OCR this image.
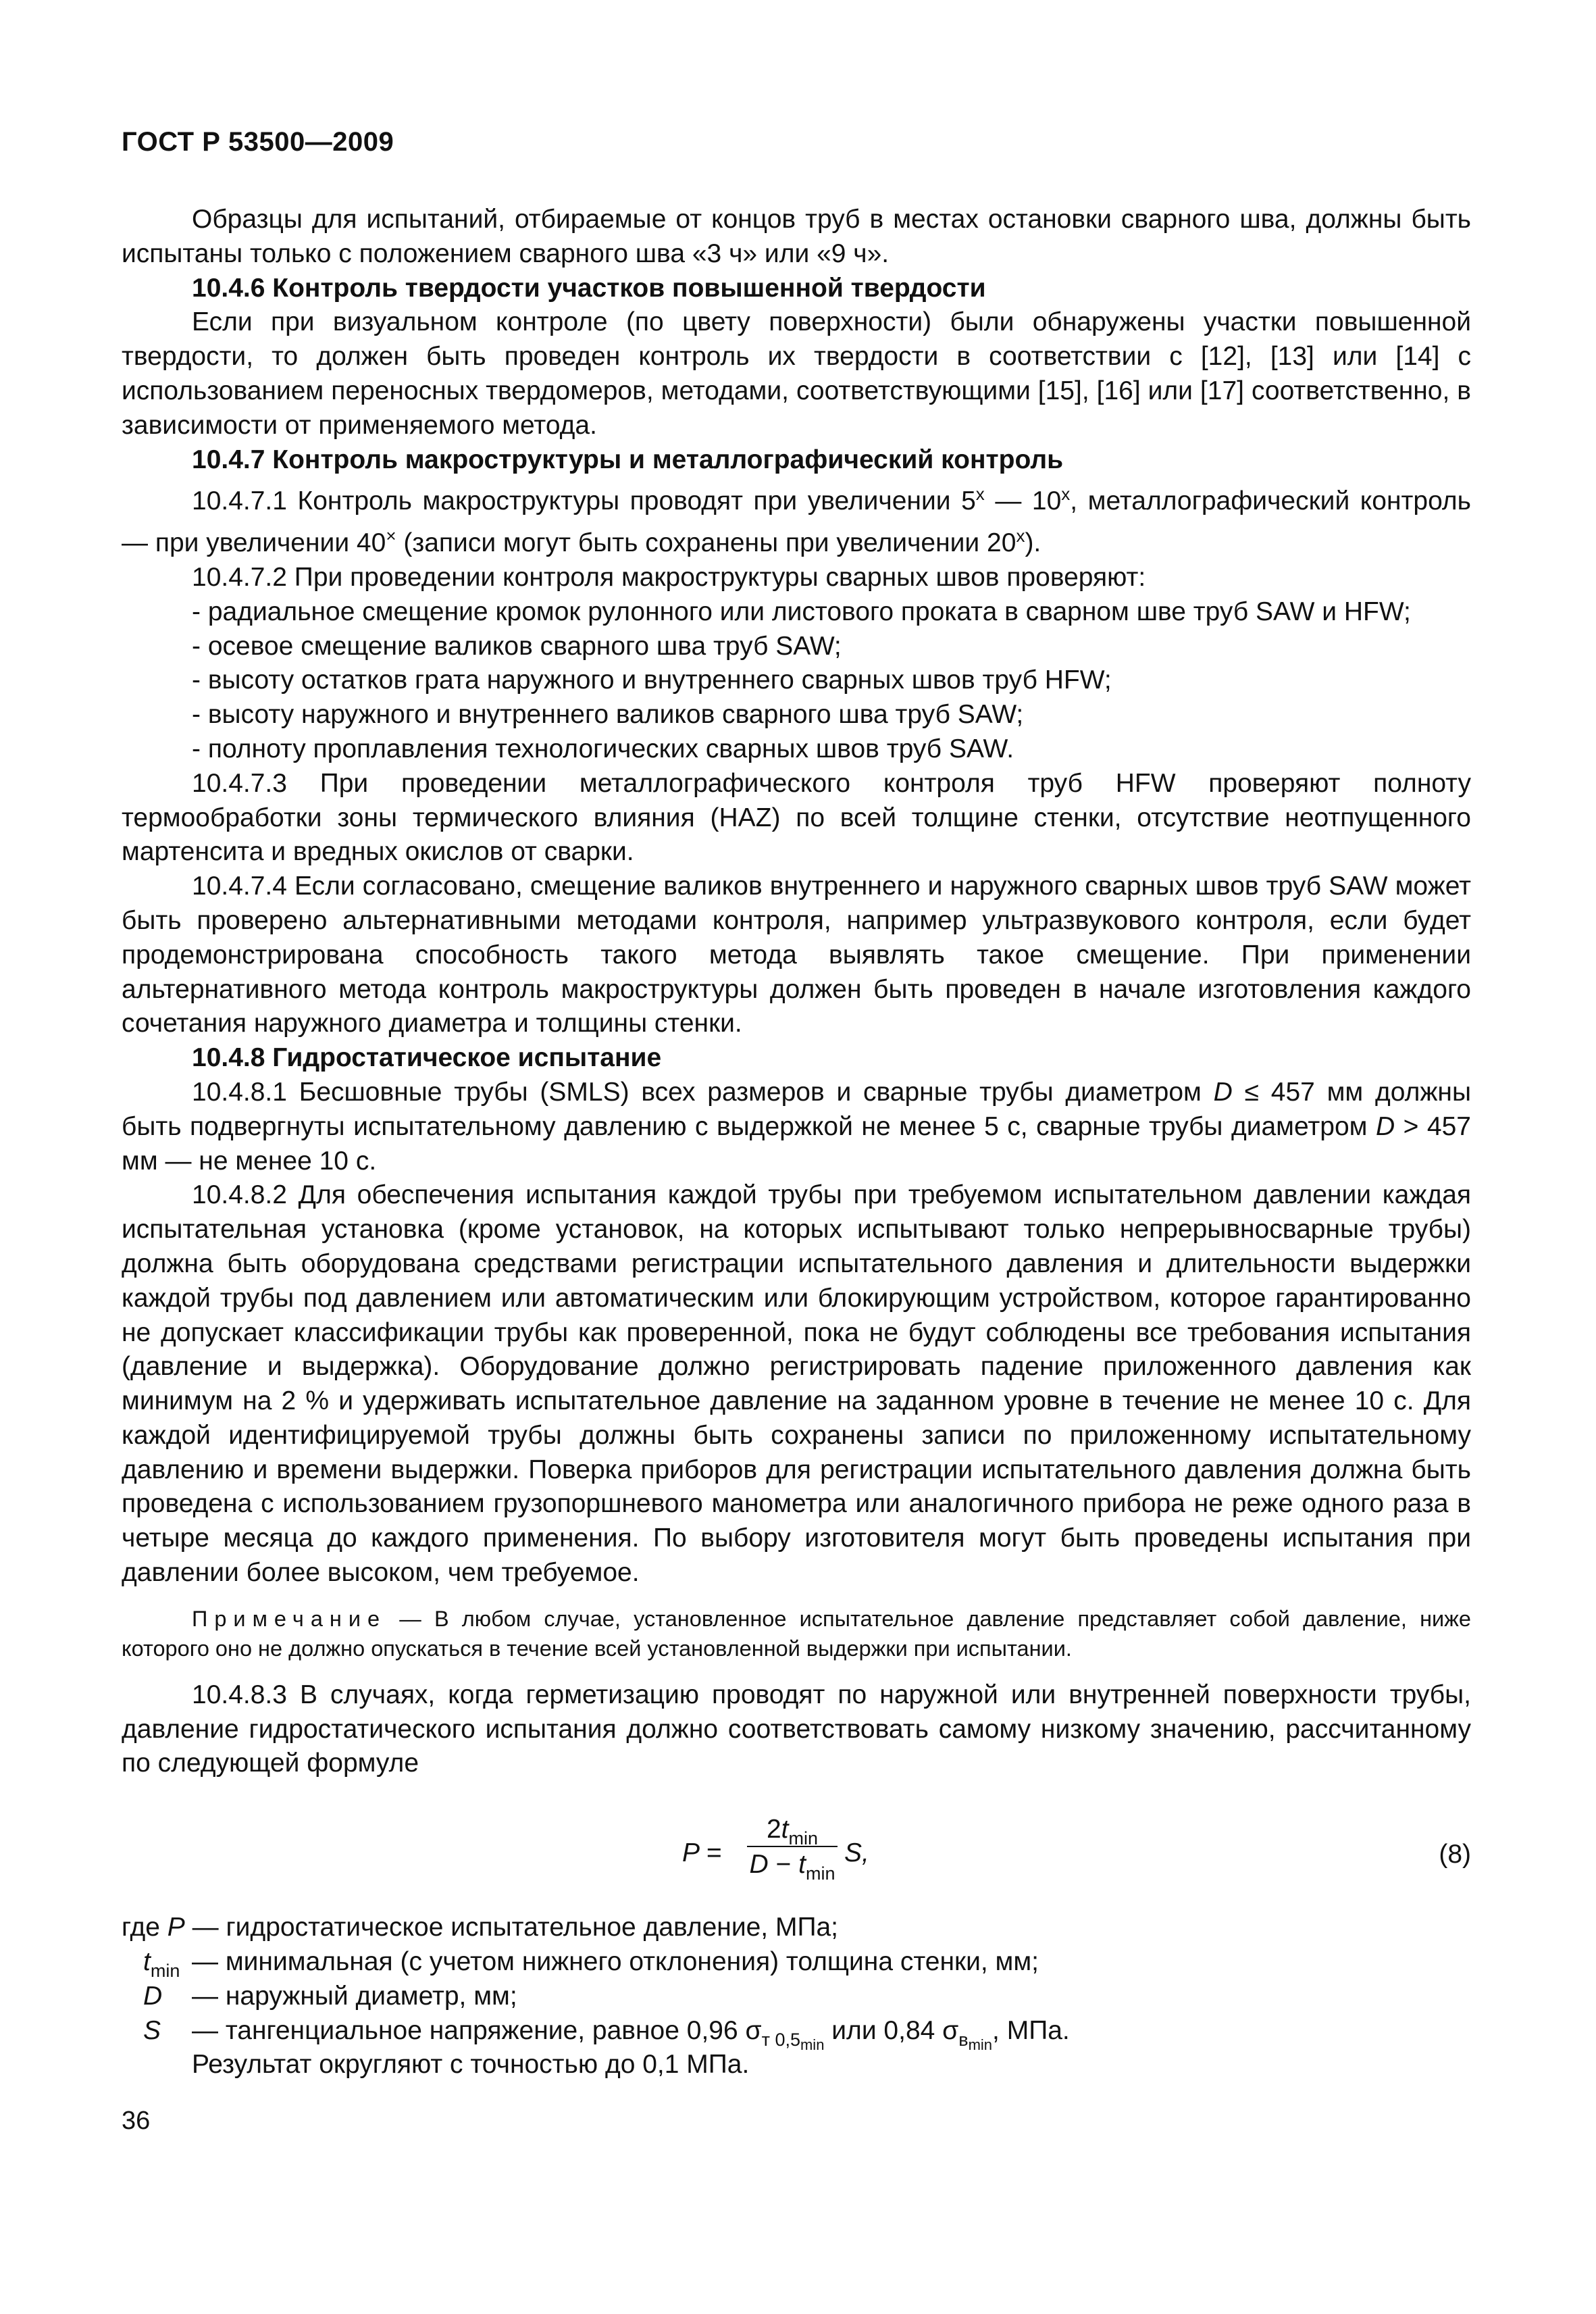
ГОСТ Р 53500—2009

Образцы для испытаний, отбираемые от концов труб в местах остановки сварного шва, должны быть испытаны только с положением сварного шва «3 ч» или «9 ч».

10.4.6 Контроль твердости участков повышенной твердости

Если при визуальном контроле (по цвету поверхности) были обнаружены участки повышенной твердости, то должен быть проведен контроль их твердости в соответствии с [12], [13] или [14] с использованием переносных твердомеров, методами, соответствующими [15], [16] или [17] соответственно, в зависимости от применяемого метода.

10.4.7 Контроль макроструктуры и металлографический контроль

10.4.7.1 Контроль макроструктуры проводят при увеличении 5$^x$ — 10$^x$, металлографический контроль — при увеличении 40× (записи могут быть сохранены при увеличении 20$^x$).

10.4.7.2 При проведении контроля макроструктуры сварных швов проверяют:

- радиальное смещение кромок рулонного или листового проката в сварном шве труб SAW и HFW;

- осевое смещение валиков сварного шва труб SAW;

- высоту остатков грата наружного и внутреннего сварных швов труб HFW;

- высоту наружного и внутреннего валиков сварного шва труб SAW;

- полноту проплавления технологических сварных швов труб SAW.

10.4.7.3 При проведении металлографического контроля труб HFW проверяют полноту термообработки зоны термического влияния (HAZ) по всей толщине стенки, отсутствие неотпущенного мартенсита и вредных окислов от сварки.

10.4.7.4 Если согласовано, смещение валиков внутреннего и наружного сварных швов труб SAW может быть проверено альтернативными методами контроля, например ультразвукового контроля, если будет продемонстрирована способность такого метода выявлять такое смещение. При применении альтернативного метода контроль макроструктуры должен быть проведен в начале изготовления каждого сочетания наружного диаметра и толщины стенки.

10.4.8 Гидростатическое испытание

10.4.8.1 Бесшовные трубы (SMLS) всех размеров и сварные трубы диаметром D ≤ 457 мм должны быть подвергнуты испытательному давлению с выдержкой не менее 5 с, сварные трубы диаметром D > 457 мм — не менее 10 с.

10.4.8.2 Для обеспечения испытания каждой трубы при требуемом испытательном давлении каждая испытательная установка (кроме установок, на которых испытывают только непрерывносварные трубы) должна быть оборудована средствами регистрации испытательного давления и длительности выдержки каждой трубы под давлением или автоматическим или блокирующим устройством, которое гарантированно не допускает классификации трубы как проверенной, пока не будут соблюдены все требования испытания (давление и выдержка). Оборудование должно регистрировать падение приложенного давления как минимум на 2 % и удерживать испытательное давление на заданном уровне в течение не менее 10 с. Для каждой идентифицируемой трубы должны быть сохранены записи по приложенному испытательному давлению и времени выдержки. Поверка приборов для регистрации испытательного давления должна быть проведена с использованием грузопоршневого манометра или аналогичного прибора не реже одного раза в четыре месяца до каждого применения. По выбору изготовителя могут быть проведены испытания при давлении более высоком, чем требуемое.

Примечание — В любом случае, установленное испытательное давление представляет собой давление, ниже которого оно не должно опускаться в течение всей установленной выдержки при испытании.

10.4.8.3 В случаях, когда герметизацию проводят по наружной или внутренней поверхности трубы, давление гидростатического испытания должно соответствовать самому низкому значению, рассчитанному по следующей формуле

P =
$2t_{min}$
$D - t_{min}$
S,	(8)

где P — гидростатическое испытательное давление, МПа;

$t_{min}$ — минимальная (с учетом нижнего отклонения) толщина стенки, мм;
D — наружный диаметр, мм;
S — тангенциальное напряжение, равное 0,96 $\sigma_{т 0,5_{min}}$ или 0,84 $\sigma_{в_{min}}$, МПа.
Результат округляют с точностью до 0,1 МПа.
36
